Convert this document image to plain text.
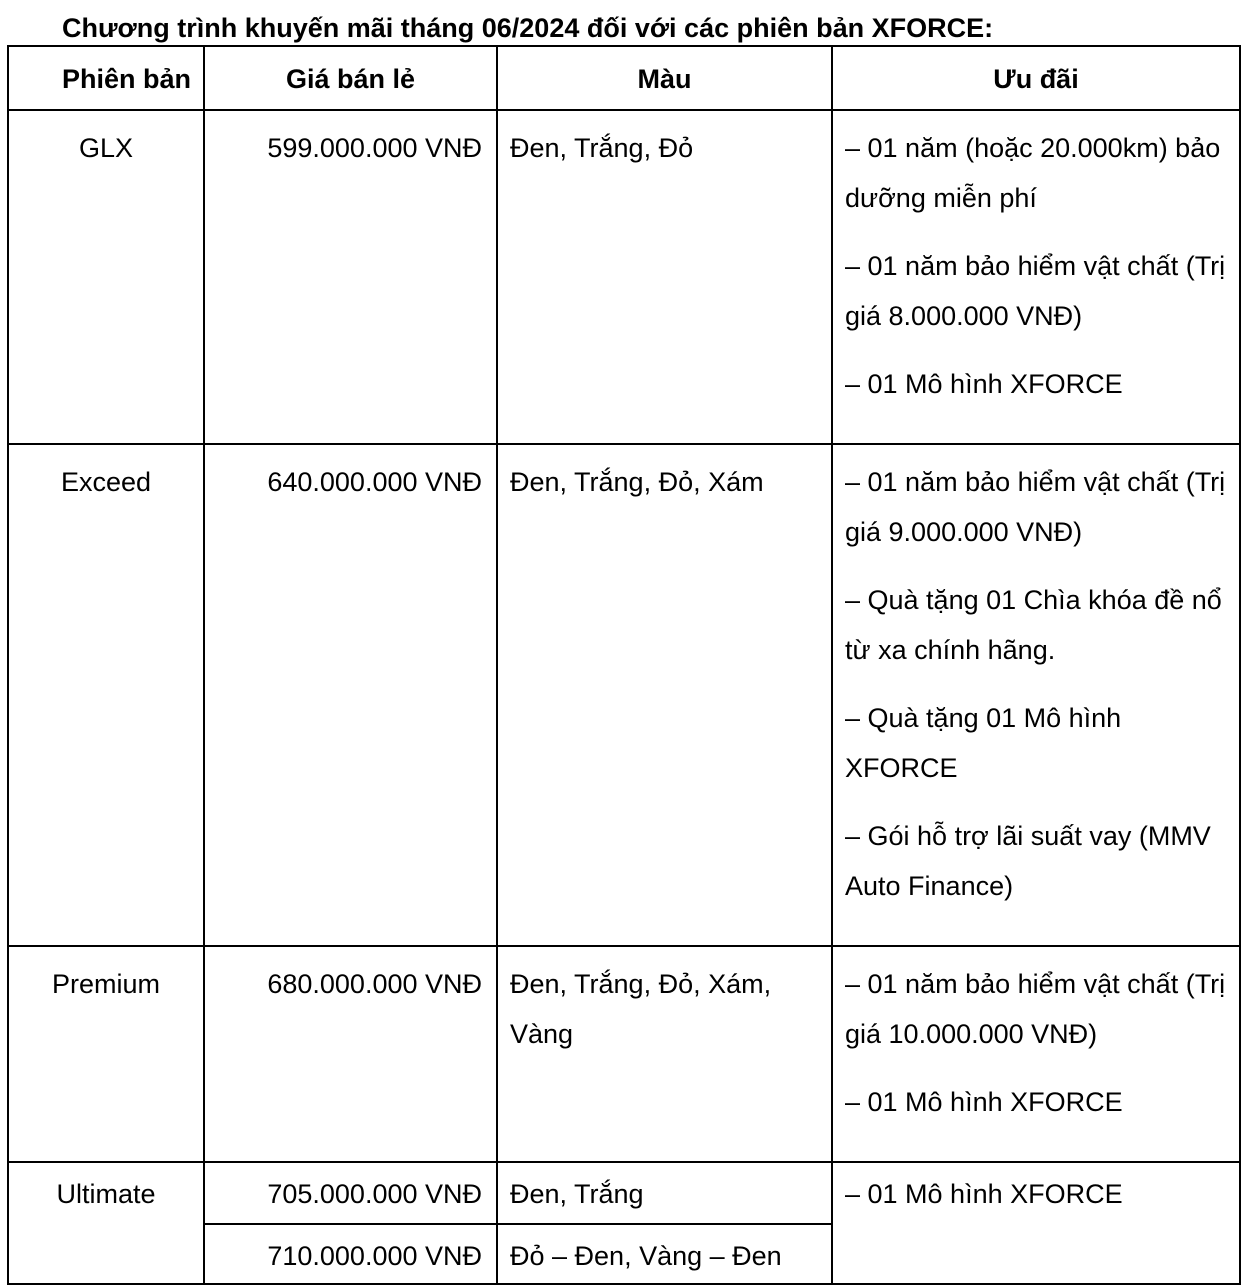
Chương trình khuyến mãi tháng 06/2024 đối với các phiên bản XFORCE:
Phiên bản	Giá bán lẻ	Màu	Ưu đãi

GLX	599.000.000 VNĐ	Đen, Trắng, Đỏ	– 01 năm (hoặc 20.000km) bảo dưỡng miễn phí

– 01 năm bảo hiểm vật chất (Trị giá 8.000.000 VNĐ)

– 01 Mô hình XFORCE

Exceed	640.000.000 VNĐ	Đen, Trắng, Đỏ, Xám	– 01 năm bảo hiểm vật chất (Trị giá 9.000.000 VNĐ)

– Quà tặng 01 Chìa khóa đề nổ từ xa chính hãng.

– Quà tặng 01 Mô hình XFORCE

– Gói hỗ trợ lãi suất vay (MMV Auto Finance)

Premium	680.000.000 VNĐ	Đen, Trắng, Đỏ, Xám, Vàng	– 01 năm bảo hiểm vật chất (Trị giá 10.000.000 VNĐ)

– 01 Mô hình XFORCE

Ultimate	705.000.000 VNĐ	Đen, Trắng	– 01 Mô hình XFORCE

	710.000.000 VNĐ	Đỏ – Đen, Vàng – Đen	
